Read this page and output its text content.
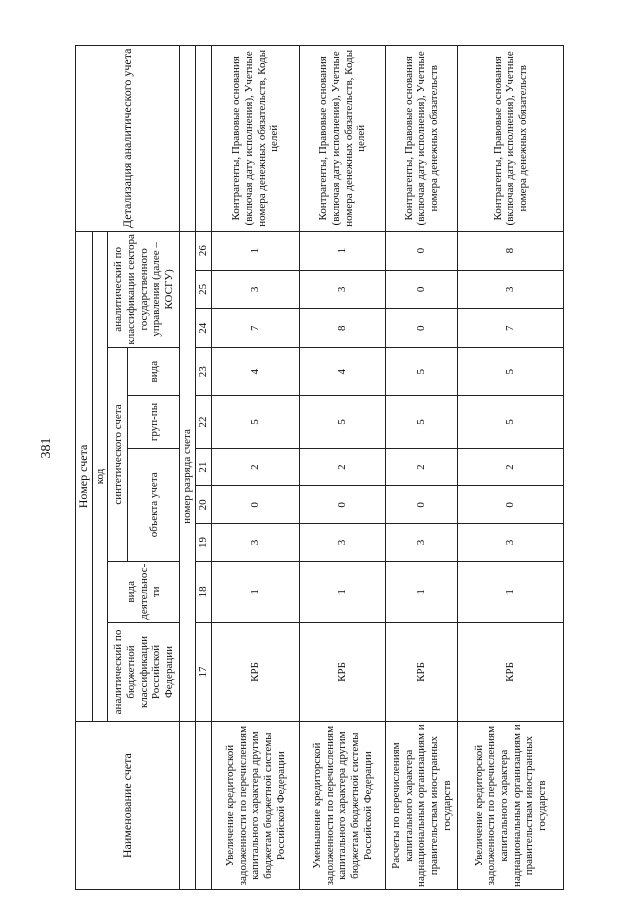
381
Наименование счета	Номер счета										Детализация аналитического учета
	код										
	аналитический по бюджетной классификации Российской Федерации	вида деятельнос-ти	синтетического счета					аналитический по классификации сектора государственного управления (далее – КОСГУ)			
			объекта учета			груп-пы	вида				
	номер разряда счета										
	17	18	19	20	21	22	23	24	25	26	
Увеличение кредиторской задолженности по перечислениям капитального характера другим бюджетам бюджетной системы Российской Федерации	КРБ	1	3	0	2	5	4	7	3	1	Контрагенты, Правовые основания (включая дату исполнения), Учетные номера денежных обязательств, Коды целей
Уменьшение кредиторской задолженности по перечислениям капитального характера другим бюджетам бюджетной системы Российской Федерации	КРБ	1	3	0	2	5	4	8	3	1	Контрагенты, Правовые основания (включая дату исполнения), Учетные номера денежных обязательств, Коды целей
Расчеты по перечислениям капитального характера наднациональным организациям и правительствам иностранных государств	КРБ	1	3	0	2	5	5	0	0	0	Контрагенты, Правовые основания (включая дату исполнения), Учетные номера денежных обязательств
Увеличение кредиторской задолженности по перечислениям капитального характера наднациональным организациям и правительствам иностранных государств	КРБ	1	3	0	2	5	5	7	3	8	Контрагенты, Правовые основания (включая дату исполнения), Учетные номера денежных обязательств
